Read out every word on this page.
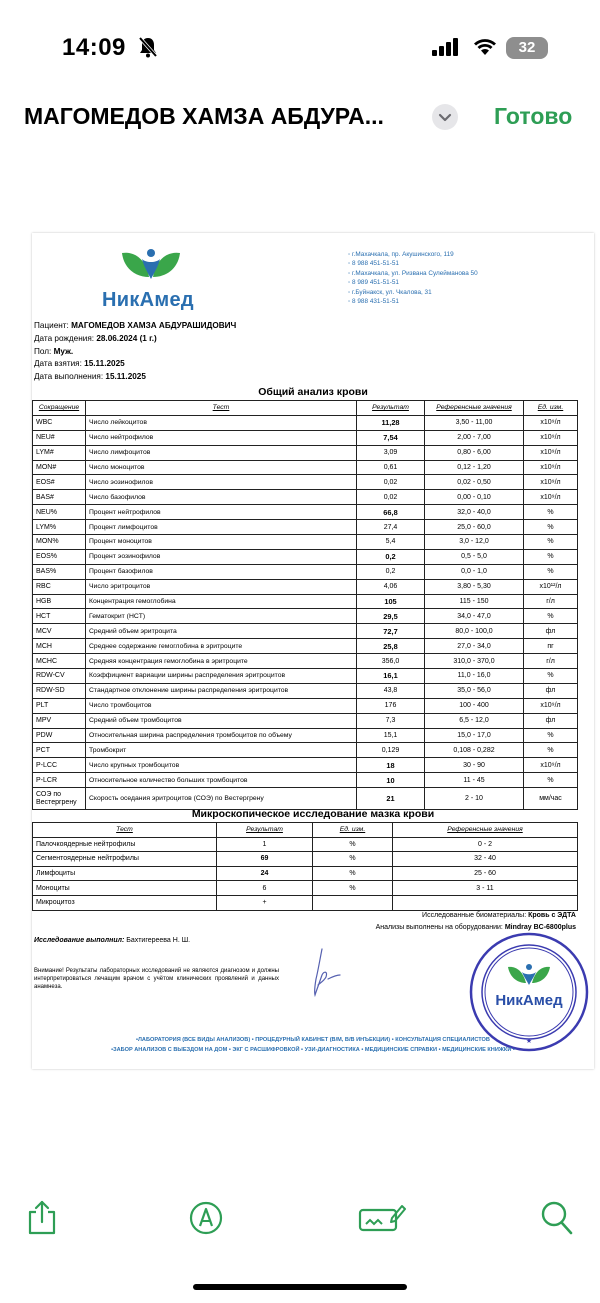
14:09	32
МАГОМЕДОВ ХАМЗА АБДУРА...	Готово
НикАмед
◦ г.Махачкала, пр. Акушинского, 119
◦ 8 988 451-51-51
◦ г.Махачкала, ул. Ризвана Сулейманова 50
◦ 8 989 451-51-51
◦ г.Буйнакск, ул. Чкалова, 31
◦ 8 988 431-51-51
Пациент: МАГОМЕДОВ ХАМЗА АБДУРАШИДОВИЧ
Дата рождения: 28.06.2024 (1 г.)
Пол: Муж.
Дата взятия: 15.11.2025
Дата выполнения: 15.11.2025
Общий анализ крови
Сокращение	Тест	Результат	Референсные значения	Ед. изм.
WBC	Число лейкоцитов	11,28	3,50 - 11,00	x10⁹/л
NEU#	Число нейтрофилов	7,54	2,00 - 7,00	x10⁹/л
LYM#	Число лимфоцитов	3,09	0,80 - 6,00	x10⁹/л
MON#	Число моноцитов	0,61	0,12 - 1,20	x10⁹/л
EOS#	Число эозинофилов	0,02	0,02 - 0,50	x10⁹/л
BAS#	Число базофилов	0,02	0,00 - 0,10	x10⁹/л
NEU%	Процент нейтрофилов	66,8	32,0 - 40,0	%
LYM%	Процент лимфоцитов	27,4	25,0 - 60,0	%
MON%	Процент моноцитов	5,4	3,0 - 12,0	%
EOS%	Процент эозинофилов	0,2	0,5 - 5,0	%
BAS%	Процент базофилов	0,2	0,0 - 1,0	%
RBC	Число эритроцитов	4,06	3,80 - 5,30	x10¹²/л
HGB	Концентрация гемоглобина	105	115 - 150	г/л
HCT	Гематокрит (HCT)	29,5	34,0 - 47,0	%
MCV	Средний объем эритроцита	72,7	80,0 - 100,0	фл
MCH	Среднее содержание гемоглобина в эритроците	25,8	27,0 - 34,0	пг
MCHC	Средняя концентрация гемоглобина в эритроците	356,0	310,0 - 370,0	г/л
RDW-CV	Коэффициент вариации ширины распределения эритроцитов	16,1	11,0 - 16,0	%
RDW-SD	Стандартное отклонение ширины распределения эритроцитов	43,8	35,0 - 56,0	фл
PLT	Число тромбоцитов	176	100 - 400	x10⁹/л
MPV	Средний объем тромбоцитов	7,3	6,5 - 12,0	фл
PDW	Относительная ширина распределения тромбоцитов по объему	15,1	15,0 - 17,0	%
PCT	Тромбокрит	0,129	0,108 - 0,282	%
P-LCC	Число крупных тромбоцитов	18	30 - 90	x10⁹/л
P-LCR	Относительное количество больших тромбоцитов	10	11 - 45	%
СОЭ по Вестергрену	Скорость оседания эритроцитов (СОЭ) по Вестергрену	21	2 - 10	мм/час
Микроскопическое исследование мазка крови
Тест	Результат	Ед. изм.	Референсные значения
Палочкоядерные нейтрофилы	1	%	0 - 2
Сегментоядерные нейтрофилы	69	%	32 - 40
Лимфоциты	24	%	25 - 60
Моноциты	6	%	3 - 11
Микроцитоз	+		
Исследованные биоматериалы: Кровь с ЭДТА
Анализы выполнены на оборудовании: Mindray BC-6800plus
Исследование выполнил: Бахтигереева Н. Ш.
Внимание! Результаты лабораторных исследований не являются диагнозом и должны интерпретироваться лечащим врачом с учётом клинических проявлений и данных анамнеза.
НикАмед
★
•ЛАБОРАТОРИЯ (ВСЕ ВИДЫ АНАЛИЗОВ) • ПРОЦЕДУРНЫЙ КАБИНЕТ (В/М, В/В ИНЪЕКЦИИ) • КОНСУЛЬТАЦИЯ СПЕЦИАЛИСТОВ
•ЗАБОР АНАЛИЗОВ С ВЫЕЗДОМ НА ДОМ • ЭКГ С РАСШИФРОВКОЙ • УЗИ-ДИАГНОСТИКА • МЕДИЦИНСКИЕ СПРАВКИ • МЕДИЦИНСКИЕ КНИЖКИ •
